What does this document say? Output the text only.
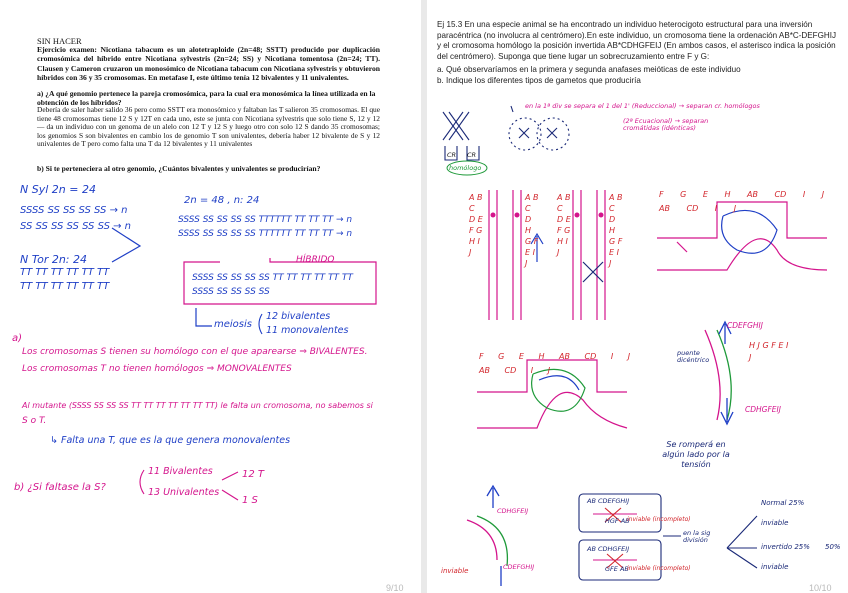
SIN HACER
Ejercicio examen: Nicotiana tabacum es un alotetraploide (2n=48; SSTT) producido por duplicación cromosómica del híbrido entre Nicotiana sylvestris (2n=24; SS) y Nicotiana tomentosa (2n=24; TT). Clausen y Cameron cruzaron un monosómico de Nicotiana tabacum con Nicotiana sylvestris y obtuvieron híbridos con 36 y 35 cromosomas. En metafase I, este último tenía 12 bivalentes y 11 univalentes.
a) ¿A qué genomio pertenece la pareja cromosómica, para la cual era monosómica la línea utilizada en la obtención de los híbridos?
Debería de saler haber salido 36 pero como SSTT era monosómico y faltaban las T salieron 35 cromosomas. El que tiene 48 cromosomas tiene 12 S y 12T en cada uno, este se junta con Nicotiana sylvestris que solo tiene S, 12 y 12 — da un individuo con un genoma de un alelo con 12 T y 12 S y luego otro con solo 12 S dando 35 cromosomas; los genomios S son bivalentes en cambio los de genomio T son univalentes, debería haber 12 bivalente de S y 12 univalentes de T pero como falta una T da 12 bivalentes y 11 univalentes
b) Si te perteneciera al otro genomio, ¿Cuántos bivalentes y univalentes se producirían?
N Syl 2n = 24
SSSS SS SS SS SS → n
SS SS SS SS SS SS → n
N Tor 2n: 24
TT TT TT TT TT TT
TT TT TT TT TT TT
2n = 48 , n: 24
SSSS SS SS SS SS TTTTTT TT TT TT → n
SSSS SS SS SS SS TTTTTT TT TT TT → n
HÍBRIDO
SSSS SS SS SS SS TT TT TT TT TT TT
SSSS SS SS SS SS
meiosis
12 bivalentes
11 monovalentes
a)
Los cromosomas S tienen su homólogo con el que aparearse ⇒ BIVALENTES.
Los cromosomas T no tienen homólogos ⇒ MONOVALENTES
Al mutante (SSSS SS SS SS TT TT TT TT TT TT TT) le falta un cromosoma, no sabemos si
S o T.
↳ Falta una T, que es la que genera monovalentes
b) ¿Si faltase la S?
11 Bivalentes
13 Univalentes
12 T
1 S
9/10
Ej 15.3 En una especie animal se ha encontrado un individuo heterocigoto estructural para una inversión paracéntrica (no involucra al centrómero).En este individuo, un cromosoma tiene la ordenación AB*C-DEFGHIJ y el cromosoma homólogo la posición invertida AB*CDHGFEIJ (En ambos casos, el asterisco indica la posición del centrómero). Suponga que tiene lugar un sobrecruzamiento entre F y G:
a. Qué observaríamos en la primera y segunda anafases meióticas de este individuo
b. Indique los diferentes tipos de gametos que produciría
en la 1ª div se separa el 1 del 1' (Reduccional) → separan cr. homólogos
(2ª Ecuacional) → separan cromátidas (idénticas)
homólogo
CR CR
A B C D E F G H I J
A B C D H G F E I J
A B C D E F G H I J
A B C D H G F E I J
F G E H AB CD I J AB CD I J
F G E H AB CD I J AB CD I J
puente dicéntrico
CDEFGHIJ
CDHGFEIJ
H J G F E I J
Se romperá en algún lado por la tensión
AB CDEFGHIJ
HGF AB
inviable (incompleto)
AB CDHGFEIJ
GFE AB
inviable (incompleto)
en la sig división
Normal 25%
inviable
invertido 25% 50%
inviable
inviable
CDHGFEIJ
CDEFGHIJ
10/10
